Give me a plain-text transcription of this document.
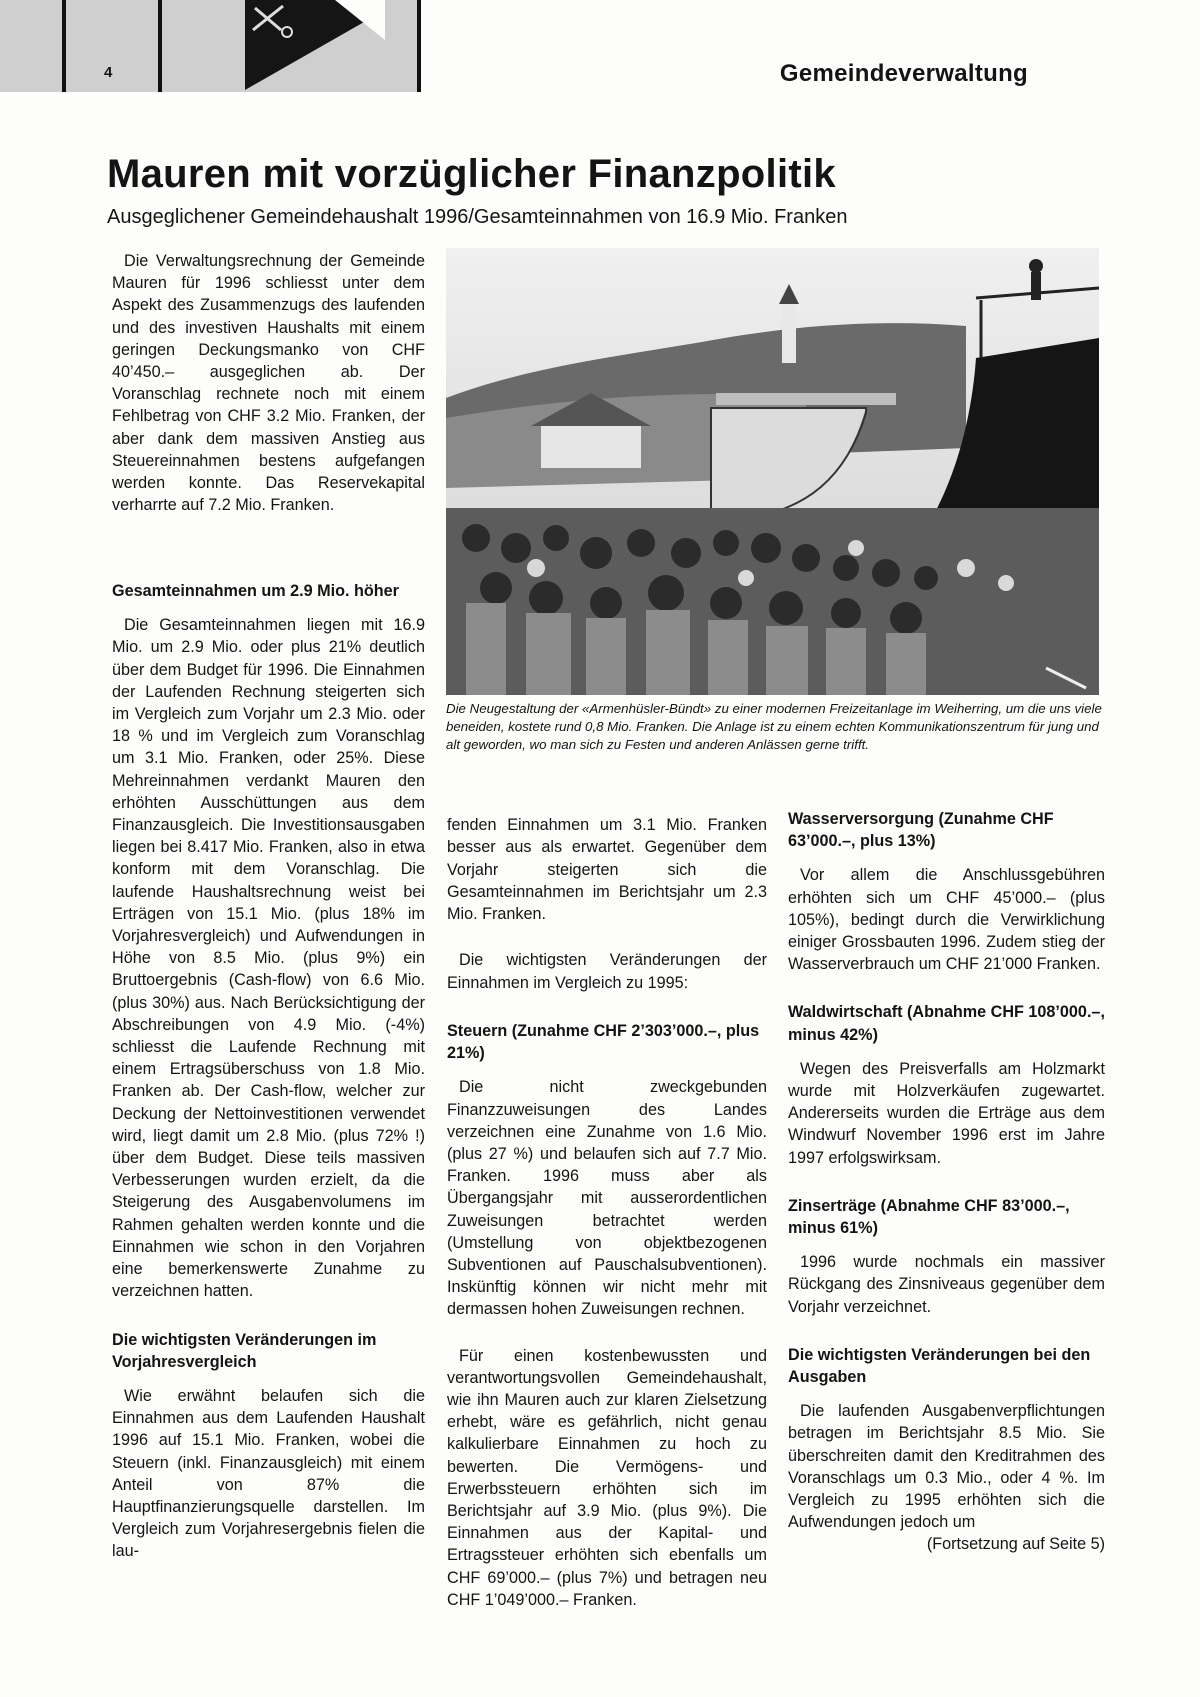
4	Gemeindeverwaltung
Mauren mit vorzüglicher Finanzpolitik
Ausgeglichener Gemeindehaushalt 1996/Gesamteinnahmen von 16.9 Mio. Franken

Die Verwaltungsrechnung der Gemeinde Mauren für 1996 schliesst unter dem Aspekt des Zusammenzugs des laufenden und des investiven Haushalts mit einem geringen Deckungsmanko von CHF 40’450.– ausgeglichen ab. Der Voranschlag rechnete noch mit einem Fehlbetrag von CHF 3.2 Mio. Franken, der aber dank dem massiven Anstieg aus Steuereinnahmen bestens aufgefangen werden konnte. Das Reservekapital verharrte auf 7.2 Mio. Franken.

Gesamteinnahmen um 2.9 Mio. höher

Die Gesamteinnahmen liegen mit 16.9 Mio. um 2.9 Mio. oder plus 21% deutlich über dem Budget für 1996. Die Einnahmen der Laufenden Rechnung steigerten sich im Vergleich zum Vorjahr um 2.3 Mio. oder 18 % und im Vergleich zum Voranschlag um 3.1 Mio. Franken, oder 25%. Diese Mehreinnahmen verdankt Mauren den erhöhten Ausschüttungen aus dem Finanzausgleich. Die Investitionsausgaben liegen bei 8.417 Mio. Franken, also in etwa konform mit dem Voranschlag. Die laufende Haushaltsrechnung weist bei Erträgen von 15.1 Mio. (plus 18% im Vorjahresvergleich) und Aufwendungen in Höhe von 8.5 Mio. (plus 9%) ein Bruttoergebnis (Cash-flow) von 6.6 Mio. (plus 30%) aus. Nach Berücksichtigung der Abschreibungen von 4.9 Mio. (-4%) schliesst die Laufende Rechnung mit einem Ertragsüberschuss von 1.8 Mio. Franken ab. Der Cash-flow, welcher zur Deckung der Nettoinvestitionen verwendet wird, liegt damit um 2.8 Mio. (plus 72% !) über dem Budget. Diese teils massiven Verbesserungen wurden erzielt, da die Steigerung des Ausgabenvolumens im Rahmen gehalten werden konnte und die Einnahmen wie schon in den Vorjahren eine bemerkenswerte Zunahme zu verzeichnen hatten.

Die wichtigsten Veränderungen im Vorjahresvergleich

Wie erwähnt belaufen sich die Einnahmen aus dem Laufenden Haushalt 1996 auf 15.1 Mio. Franken, wobei die Steuern (inkl. Finanzausgleich) mit einem Anteil von 87% die Hauptfinanzierungsquelle darstellen. Im Vergleich zum Vorjahresergebnis fielen die lau-

Die Neugestaltung der «Armenhüsler-Bündt» zu einer modernen Freizeitanlage im Weiherring, um die uns viele beneiden, kostete rund 0,8 Mio. Franken. Die Anlage ist zu einem echten Kommunikationszentrum für jung und alt geworden, wo man sich zu Festen und anderen Anlässen gerne trifft.

fenden Einnahmen um 3.1 Mio. Franken besser aus als erwartet. Gegenüber dem Vorjahr steigerten sich die Gesamteinnahmen im Berichtsjahr um 2.3 Mio. Franken.

Die wichtigsten Veränderungen der Einnahmen im Vergleich zu 1995:

Steuern (Zunahme CHF 2’303’000.–, plus 21%)

Die nicht zweckgebunden Finanzzuweisungen des Landes verzeichnen eine Zunahme von 1.6 Mio. (plus 27 %) und belaufen sich auf 7.7 Mio. Franken. 1996 muss aber als Übergangsjahr mit ausserordentlichen Zuweisungen betrachtet werden (Umstellung von objektbezogenen Subventionen auf Pauschalsubventionen). Inskünftig können wir nicht mehr mit dermassen hohen Zuweisungen rechnen.

Für einen kostenbewussten und verantwortungsvollen Gemeindehaushalt, wie ihn Mauren auch zur klaren Zielsetzung erhebt, wäre es gefährlich, nicht genau kalkulierbare Einnahmen zu hoch zu bewerten. Die Vermögens- und Erwerbssteuern erhöhten sich im Berichtsjahr auf 3.9 Mio. (plus 9%). Die Einnahmen aus der Kapital- und Ertragssteuer erhöhten sich ebenfalls um CHF 69’000.– (plus 7%) und betragen neu CHF 1’049’000.– Franken.

Wasserversorgung (Zunahme CHF 63’000.–, plus 13%)

Vor allem die Anschlussgebühren erhöhten sich um CHF 45’000.– (plus 105%), bedingt durch die Verwirklichung einiger Grossbauten 1996. Zudem stieg der Wasserverbrauch um CHF 21’000 Franken.

Waldwirtschaft (Abnahme CHF 108’000.–, minus 42%)

Wegen des Preisverfalls am Holzmarkt wurde mit Holzverkäufen zugewartet. Andererseits wurden die Erträge aus dem Windwurf November 1996 erst im Jahre 1997 erfolgswirksam.

Zinserträge (Abnahme CHF 83’000.–, minus 61%)

1996 wurde nochmals ein massiver Rückgang des Zinsniveaus gegenüber dem Vorjahr verzeichnet.

Die wichtigsten Veränderungen bei den Ausgaben

Die laufenden Ausgabenverpflichtungen betragen im Berichtsjahr 8.5 Mio. Sie überschreiten damit den Kreditrahmen des Voranschlags um 0.3 Mio., oder 4 %. Im Vergleich zu 1995 erhöhten sich die Aufwendungen jedoch um

(Fortsetzung auf Seite 5)
